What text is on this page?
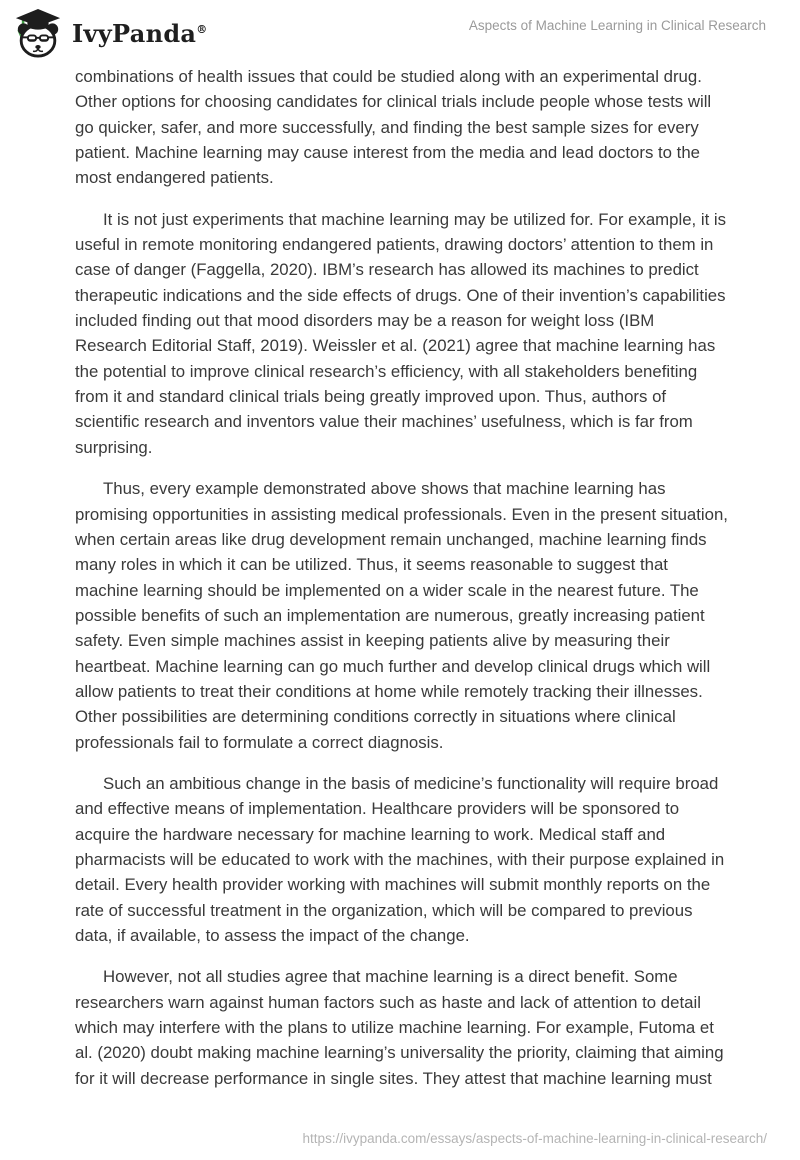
IvyPanda®	Aspects of Machine Learning in Clinical Research

combinations of health issues that could be studied along with an experimental drug. Other options for choosing candidates for clinical trials include people whose tests will go quicker, safer, and more successfully, and finding the best sample sizes for every patient. Machine learning may cause interest from the media and lead doctors to the most endangered patients.

It is not just experiments that machine learning may be utilized for. For example, it is useful in remote monitoring endangered patients, drawing doctors’ attention to them in case of danger (Faggella, 2020). IBM’s research has allowed its machines to predict therapeutic indications and the side effects of drugs. One of their invention’s capabilities included finding out that mood disorders may be a reason for weight loss (IBM Research Editorial Staff, 2019). Weissler et al. (2021) agree that machine learning has the potential to improve clinical research’s efficiency, with all stakeholders benefiting from it and standard clinical trials being greatly improved upon. Thus, authors of scientific research and inventors value their machines’ usefulness, which is far from surprising.

Thus, every example demonstrated above shows that machine learning has promising opportunities in assisting medical professionals. Even in the present situation, when certain areas like drug development remain unchanged, machine learning finds many roles in which it can be utilized. Thus, it seems reasonable to suggest that machine learning should be implemented on a wider scale in the nearest future. The possible benefits of such an implementation are numerous, greatly increasing patient safety. Even simple machines assist in keeping patients alive by measuring their heartbeat. Machine learning can go much further and develop clinical drugs which will allow patients to treat their conditions at home while remotely tracking their illnesses. Other possibilities are determining conditions correctly in situations where clinical professionals fail to formulate a correct diagnosis.

Such an ambitious change in the basis of medicine’s functionality will require broad and effective means of implementation. Healthcare providers will be sponsored to acquire the hardware necessary for machine learning to work. Medical staff and pharmacists will be educated to work with the machines, with their purpose explained in detail. Every health provider working with machines will submit monthly reports on the rate of successful treatment in the organization, which will be compared to previous data, if available, to assess the impact of the change.

However, not all studies agree that machine learning is a direct benefit. Some researchers warn against human factors such as haste and lack of attention to detail which may interfere with the plans to utilize machine learning. For example, Futoma et al. (2020) doubt making machine learning’s universality the priority, claiming that aiming for it will decrease performance in single sites. They attest that machine learning must

https://ivypanda.com/essays/aspects-of-machine-learning-in-clinical-research/
